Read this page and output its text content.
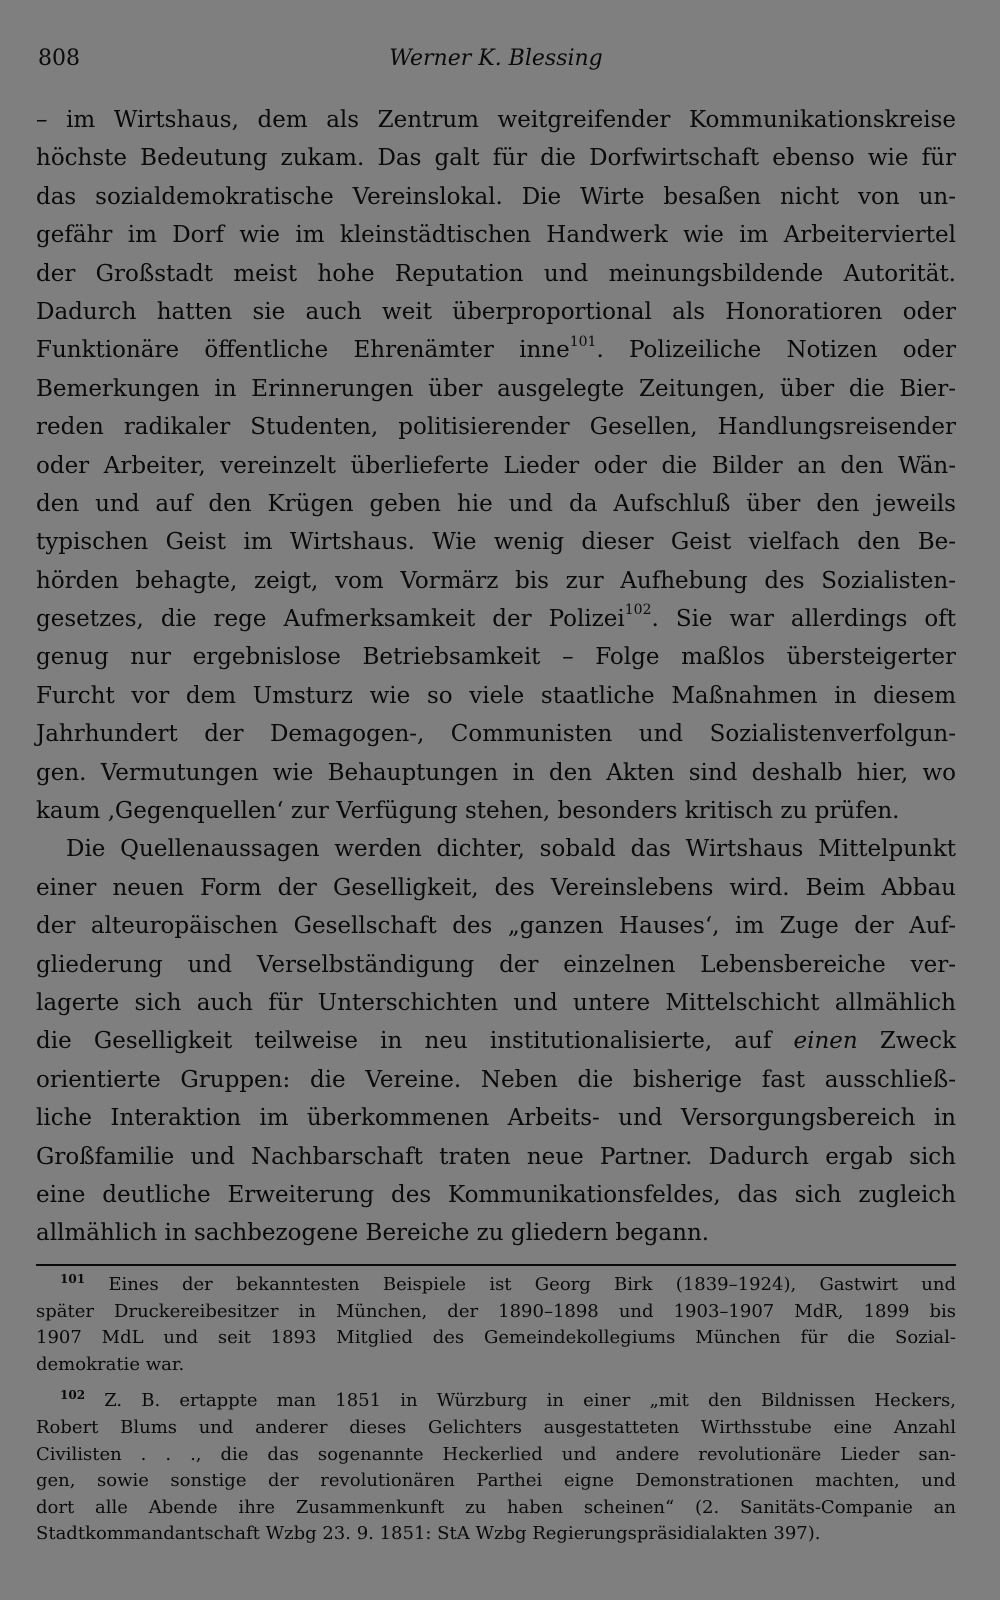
808	Werner K. Blessing
– im Wirtshaus, dem als Zentrum weitgreifender Kommunikationskreise
höchste Bedeutung zukam. Das galt für die Dorfwirtschaft ebenso wie für
das sozialdemokratische Vereinslokal. Die Wirte besaßen nicht von un-
gefähr im Dorf wie im kleinstädtischen Handwerk wie im Arbeiterviertel
der Großstadt meist hohe Reputation und meinungsbildende Autorität.
Dadurch hatten sie auch weit überproportional als Honoratioren oder
Funktionäre öffentliche Ehrenämter inne$^{101}$. Polizeiliche Notizen oder
Bemerkungen in Erinnerungen über ausgelegte Zeitungen, über die Bier-
reden radikaler Studenten, politisierender Gesellen, Handlungsreisender
oder Arbeiter, vereinzelt überlieferte Lieder oder die Bilder an den Wän-
den und auf den Krügen geben hie und da Aufschluß über den jeweils
typischen Geist im Wirtshaus. Wie wenig dieser Geist vielfach den Be-
hörden behagte, zeigt, vom Vormärz bis zur Aufhebung des Sozialisten-
gesetzes, die rege Aufmerksamkeit der Polizei$^{102}$. Sie war allerdings oft
genug nur ergebnislose Betriebsamkeit – Folge maßlos übersteigerter
Furcht vor dem Umsturz wie so viele staatliche Maßnahmen in diesem
Jahrhundert der Demagogen-, Communisten und Sozialistenverfolgun-
gen. Vermutungen wie Behauptungen in den Akten sind deshalb hier, wo
kaum ‚Gegenquellen‘ zur Verfügung stehen, besonders kritisch zu prüfen.
Die Quellenaussagen werden dichter, sobald das Wirtshaus Mittelpunkt
einer neuen Form der Geselligkeit, des Vereinslebens wird. Beim Abbau
der alteuropäischen Gesellschaft des „ganzen Hauses‘, im Zuge der Auf-
gliederung und Verselbständigung der einzelnen Lebensbereiche ver-
lagerte sich auch für Unterschichten und untere Mittelschicht allmählich
die Geselligkeit teilweise in neu institutionalisierte, auf einen Zweck
orientierte Gruppen: die Vereine. Neben die bisherige fast ausschließ-
liche Interaktion im überkommenen Arbeits- und Versorgungsbereich in
Großfamilie und Nachbarschaft traten neue Partner. Dadurch ergab sich
eine deutliche Erweiterung des Kommunikationsfeldes, das sich zugleich
allmählich in sachbezogene Bereiche zu gliedern begann.
$^{101}$ Eines der bekanntesten Beispiele ist Georg Birk (1839–1924), Gastwirt und
später Druckereibesitzer in München, der 1890–1898 und 1903–1907 MdR, 1899 bis
1907 MdL und seit 1893 Mitglied des Gemeindekollegiums München für die Sozial-
demokratie war.
$^{102}$ Z. B. ertappte man 1851 in Würzburg in einer „mit den Bildnissen Heckers,
Robert Blums und anderer dieses Gelichters ausgestatteten Wirthsstube eine Anzahl
Civilisten . . ., die das sogenannte Heckerlied und andere revolutionäre Lieder san-
gen, sowie sonstige der revolutionären Parthei eigne Demonstrationen machten, und
dort alle Abende ihre Zusammenkunft zu haben scheinen“ (2. Sanitäts-Companie an
Stadtkommandantschaft Wzbg 23. 9. 1851: StA Wzbg Regierungspräsidialakten 397).
